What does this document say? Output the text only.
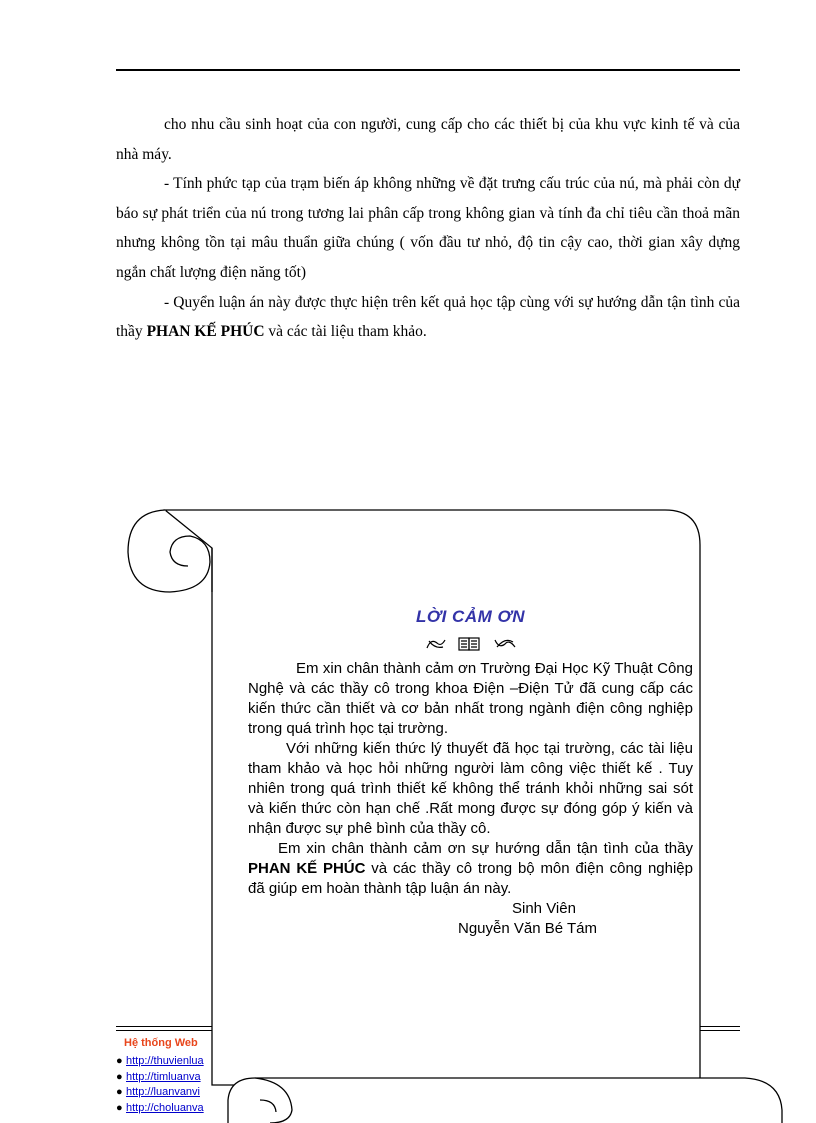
cho nhu cầu sinh hoạt của con người, cung cấp cho các thiết bị của khu vực kinh tế và của nhà máy.

- Tính phức tạp của trạm biến áp không những về đặt trưng cấu trúc của nú, mà phải còn dự báo sự phát triển của nú trong tương lai phân cấp trong không gian và tính đa chỉ tiêu cần thoả mãn nhưng không tồn tại mâu thuẩn giữa chúng ( vốn đầu tư nhỏ, độ tin cậy cao, thời gian xây dựng ngắn chất lượng điện năng tốt)

- Quyển luận án này được thực hiện trên kết quả học tập cùng với sự hướng dẫn tận tình của thầy PHAN KẾ PHÚC và các tài liệu tham khảo.

Hệ thống Web
● http://thuvienlua
● http://timluanva
● http://luanvanvi
● http://choluanva
LỜI CẢM ƠN

Em xin chân thành cảm ơn Trường Đại Học Kỹ Thuật Công Nghệ và các thầy cô trong khoa Điện –Điện Tử đã cung cấp các kiến thức cần thiết và cơ bản nhất trong ngành điện công nghiệp trong quá trình học tại trường.

Với những kiến thức lý thuyết đã học tại trường, các tài liệu tham khảo và học hỏi những người làm công việc thiết kế . Tuy nhiên trong quá trình thiết kế không thể tránh khỏi những sai sót và kiến thức còn hạn chế .Rất mong được sự đóng góp ý kiến và nhận được sự phê bình của thầy cô.

Em xin chân thành cảm ơn sự hướng dẫn tận tình của thầy PHAN KẾ PHÚC và các thầy cô trong bộ môn điện công nghiệp đã giúp em hoàn thành tập luận án này.

Sinh Viên
Nguyễn Văn Bé Tám
